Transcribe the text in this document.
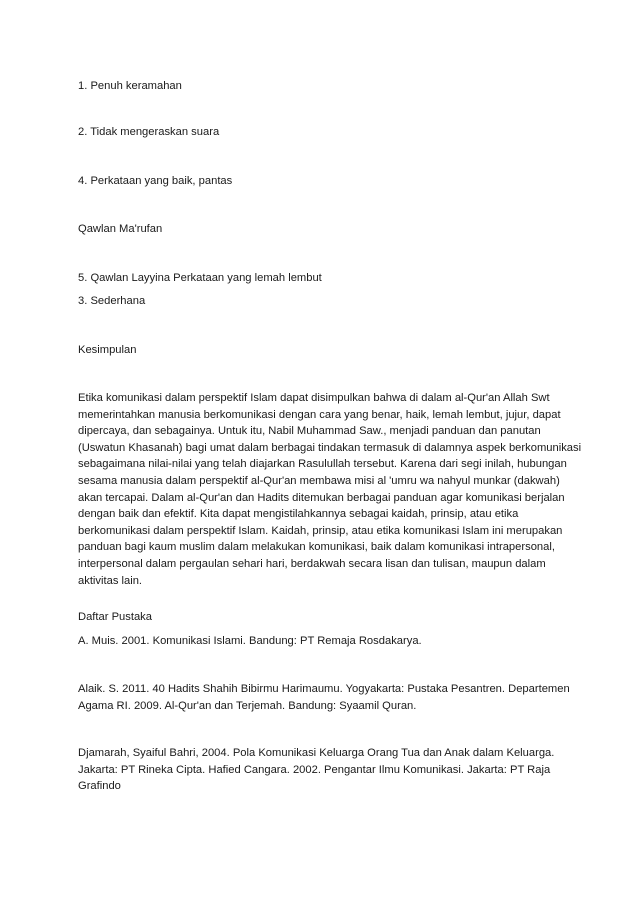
1. Penuh keramahan
2. Tidak mengeraskan suara
4. Perkataan yang baik, pantas
Qawlan Ma'rufan
5. Qawlan Layyina Perkataan yang lemah lembut
3. Sederhana
Kesimpulan
Etika komunikasi dalam perspektif Islam dapat disimpulkan bahwa di dalam al-Qur'an Allah Swt
memerintahkan manusia berkomunikasi dengan cara yang benar, haik, lemah lembut, jujur, dapat
dipercaya, dan sebagainya. Untuk itu, Nabil Muhammad Saw., menjadi panduan dan panutan
(Uswatun Khasanah) bagi umat dalam berbagai tindakan termasuk di dalamnya aspek berkomunikasi
sebagaimana nilai-nilai yang telah diajarkan Rasulullah tersebut. Karena dari segi inilah, hubungan
sesama manusia dalam perspektif al-Qur'an membawa misi al 'umru wa nahyul munkar (dakwah)
akan tercapai. Dalam al-Qur'an dan Hadits ditemukan berbagai panduan agar komunikasi berjalan
dengan baik dan efektif. Kita dapat mengistilahkannya sebagai kaidah, prinsip, atau etika
berkomunikasi dalam perspektif Islam. Kaidah, prinsip, atau etika komunikasi Islam ini merupakan
panduan bagi kaum muslim dalam melakukan komunikasi, baik dalam komunikasi intrapersonal,
interpersonal dalam pergaulan sehari hari, berdakwah secara lisan dan tulisan, maupun dalam
aktivitas lain.
Daftar Pustaka
A. Muis. 2001. Komunikasi Islami. Bandung: PT Remaja Rosdakarya.
Alaik. S. 2011. 40 Hadits Shahih Bibirmu Harimaumu. Yogyakarta: Pustaka Pesantren. Departemen
Agama RI. 2009. Al-Qur'an dan Terjemah. Bandung: Syaamil Quran.
Djamarah, Syaiful Bahri, 2004. Pola Komunikasi Keluarga Orang Tua dan Anak dalam Keluarga.
Jakarta: PT Rineka Cipta. Hafied Cangara. 2002. Pengantar Ilmu Komunikasi. Jakarta: PT Raja
Grafindo
